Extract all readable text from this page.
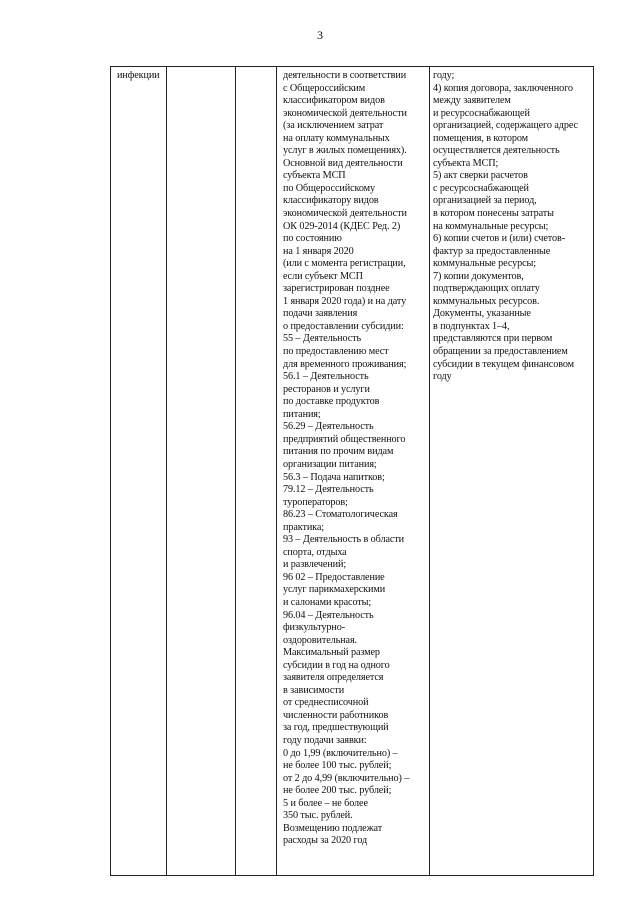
3
инфекции	деятельности в соответствии
с Общероссийским
классификатором видов
экономической деятельности
(за исключением затрат
на оплату коммунальных
услуг в жилых помещениях).
Основной вид деятельности
субъекта МСП
по Общероссийскому
классификатору видов
экономической деятельности
ОК 029-2014 (КДЕС Ред. 2)
по состоянию
на 1 января 2020
(или с момента регистрации,
если субъект МСП
зарегистрирован позднее
1 января 2020 года) и на дату
подачи заявления
о предоставлении субсидии:
55 – Деятельность
по предоставлению мест
для временного проживания;
56.1 – Деятельность
ресторанов и услуги
по доставке продуктов
питания;
56.29 – Деятельность
предприятий общественного
питания по прочим видам
организации питания;
56.3 – Подача напитков;
79.12 – Деятельность
туроператоров;
86.23 – Стоматологическая
практика;
93 – Деятельность в области
спорта, отдыха
и развлечений;
96 02 – Предоставление
услуг парикмахерскими
и салонами красоты;
96.04 – Деятельность
физкультурно-
оздоровительная.
Максимальный размер
субсидии в год на одного
заявителя определяется
в зависимости
от среднесписочной
численности работников
за год, предшествующий
году подачи заявки:
0 до 1,99 (включительно) –
не более 100 тыс. рублей;
от 2 до 4,99 (включительно) –
не более 200 тыс. рублей;
5 и более – не более
350 тыс. рублей.
Возмещению подлежат
расходы за 2020 год
году;
4) копия договора, заключенного
между заявителем
и ресурсоснабжающей
организацией, содержащего адрес
помещения, в котором
осуществляется деятельность
субъекта МСП;
5) акт сверки расчетов
с ресурсоснабжающей
организацией за период,
в котором понесены затраты
на коммунальные ресурсы;
6) копии счетов и (или) счетов-
фактур за предоставленные
коммунальные ресурсы;
7) копии документов,
подтверждающих оплату
коммунальных ресурсов.
Документы, указанные
в подпунктах 1–4,
представляются при первом
обращении за предоставлением
субсидии в текущем финансовом
году
